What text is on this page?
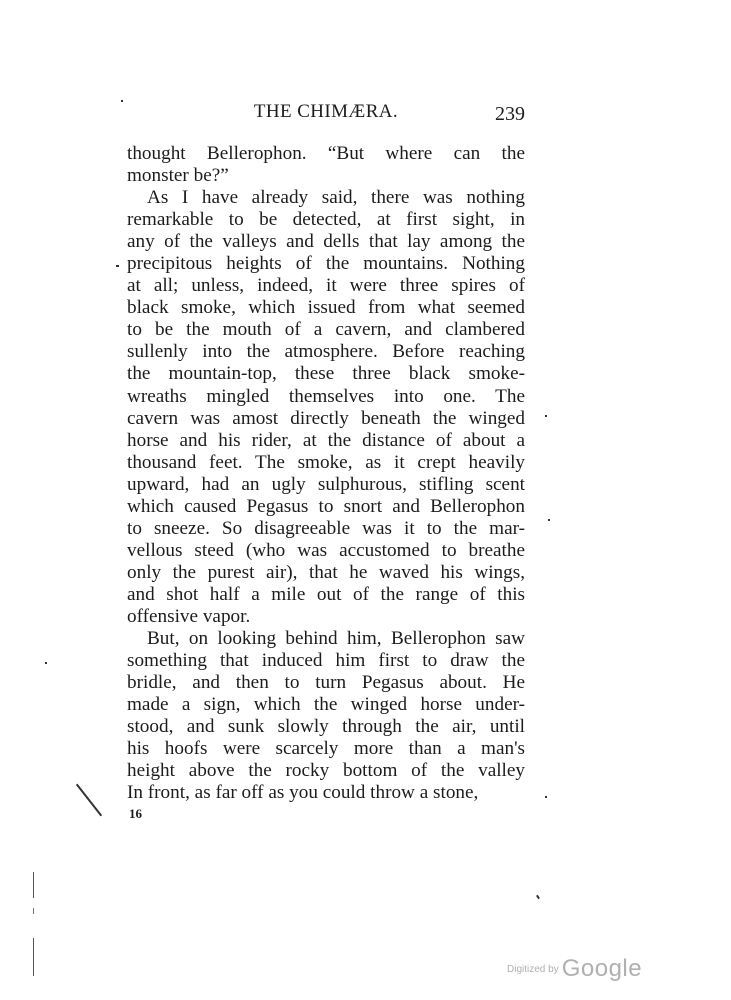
THE CHIMÆRA.	239
thought Bellerophon. “But where can the
monster be?”
As I have already said, there was nothing
remarkable to be detected, at first sight, in
any of the valleys and dells that lay among the
precipitous heights of the mountains. Nothing
at all; unless, indeed, it were three spires of
black smoke, which issued from what seemed
to be the mouth of a cavern, and clambered
sullenly into the atmosphere. Before reaching
the mountain-top, these three black smoke-
wreaths mingled themselves into one. The
cavern was amost directly beneath the winged
horse and his rider, at the distance of about a
thousand feet. The smoke, as it crept heavily
upward, had an ugly sulphurous, stifling scent
which caused Pegasus to snort and Bellerophon
to sneeze. So disagreeable was it to the mar-
vellous steed (who was accustomed to breathe
only the purest air), that he waved his wings,
and shot half a mile out of the range of this
offensive vapor.
But, on looking behind him, Bellerophon saw
something that induced him first to draw the
bridle, and then to turn Pegasus about. He
made a sign, which the winged horse under-
stood, and sunk slowly through the air, until
his hoofs were scarcely more than a man's
height above the rocky bottom of the valley
In front, as far off as you could throw a stone,
16
$^{Digitized by}$ Google
